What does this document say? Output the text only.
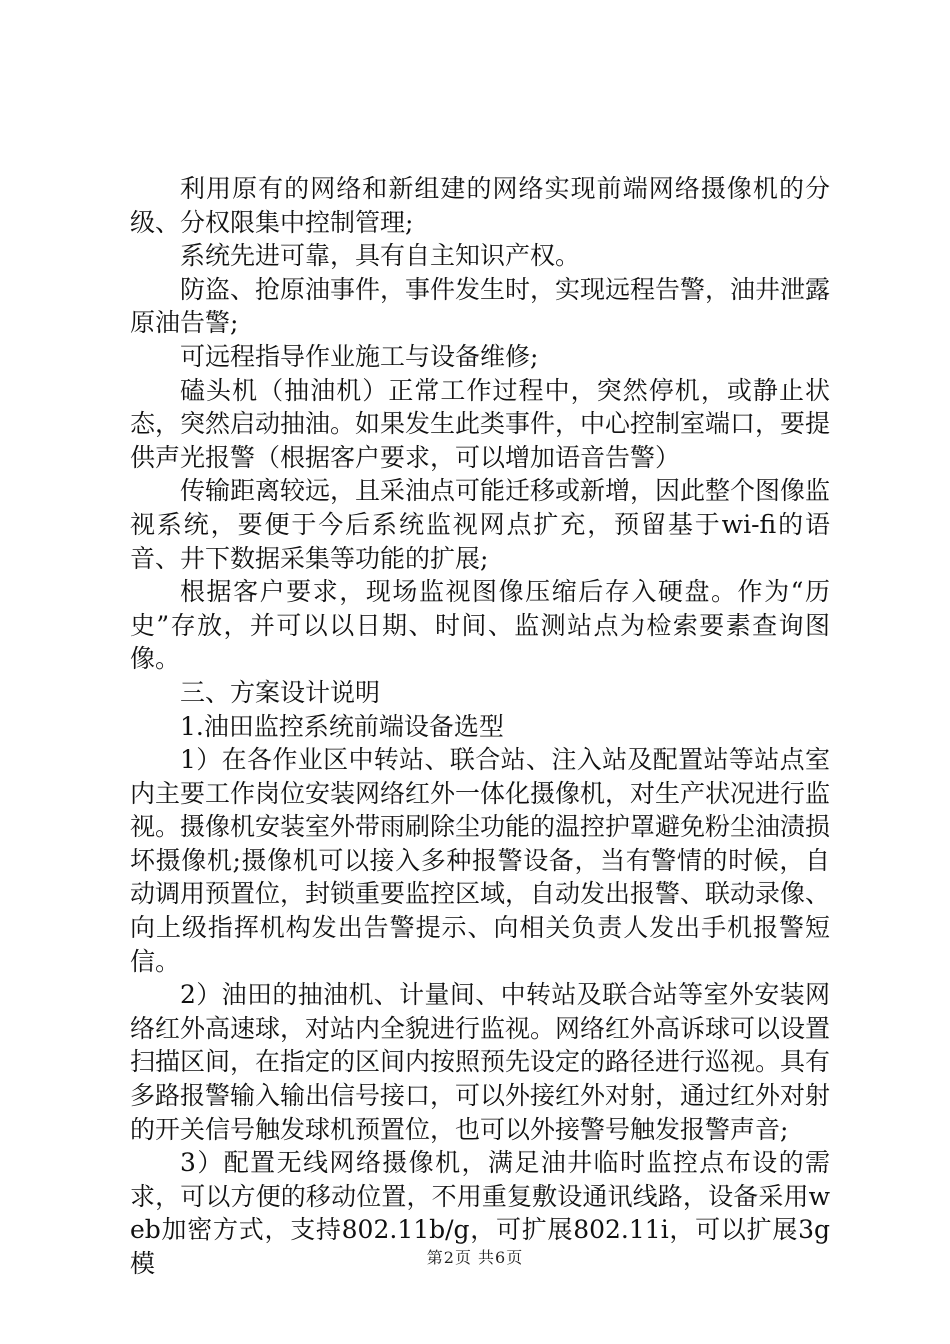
利用原有的网络和新组建的网络实现前端网络摄像机的分级、分权限集中控制管理;

系统先进可靠，具有自主知识产权。

防盗、抢原油事件，事件发生时，实现远程告警，油井泄露原油告警;

可远程指导作业施工与设备维修;

磕头机（抽油机）正常工作过程中，突然停机，或静止状态，突然启动抽油。如果发生此类事件，中心控制室端口，要提供声光报警（根据客户要求，可以增加语音告警）

传输距离较远，且采油点可能迁移或新增，因此整个图像监视系统，要便于今后系统监视网点扩充，预留基于wi-fi的语音、井下数据采集等功能的扩展;

根据客户要求，现场监视图像压缩后存入硬盘。作为“历史”存放，并可以以日期、时间、监测站点为检索要素查询图像。

三、方案设计说明

1.油田监控系统前端设备选型

1）在各作业区中转站、联合站、注入站及配置站等站点室内主要工作岗位安装网络红外一体化摄像机，对生产状况进行监视。摄像机安装室外带雨刷除尘功能的温控护罩避免粉尘油渍损坏摄像机;摄像机可以接入多种报警设备，当有警情的时候，自动调用预置位，封锁重要监控区域，自动发出报警、联动录像、向上级指挥机构发出告警提示、向相关负责人发出手机报警短信。

2）油田的抽油机、计量间、中转站及联合站等室外安装网络红外高速球，对站内全貌进行监视。网络红外高诉球可以设置扫描区间，在指定的区间内按照预先设定的路径进行巡视。具有多路报警输入输出信号接口，可以外接红外对射，通过红外对射的开关信号触发球机预置位，也可以外接警号触发报警声音;

3）配置无线网络摄像机，满足油井临时监控点布设的需求，可以方便的移动位置，不用重复敷设通讯线路，设备采用web加密方式，支持802.11b/g，可扩展802.11i，可以扩展3g模	第2页 共6页
